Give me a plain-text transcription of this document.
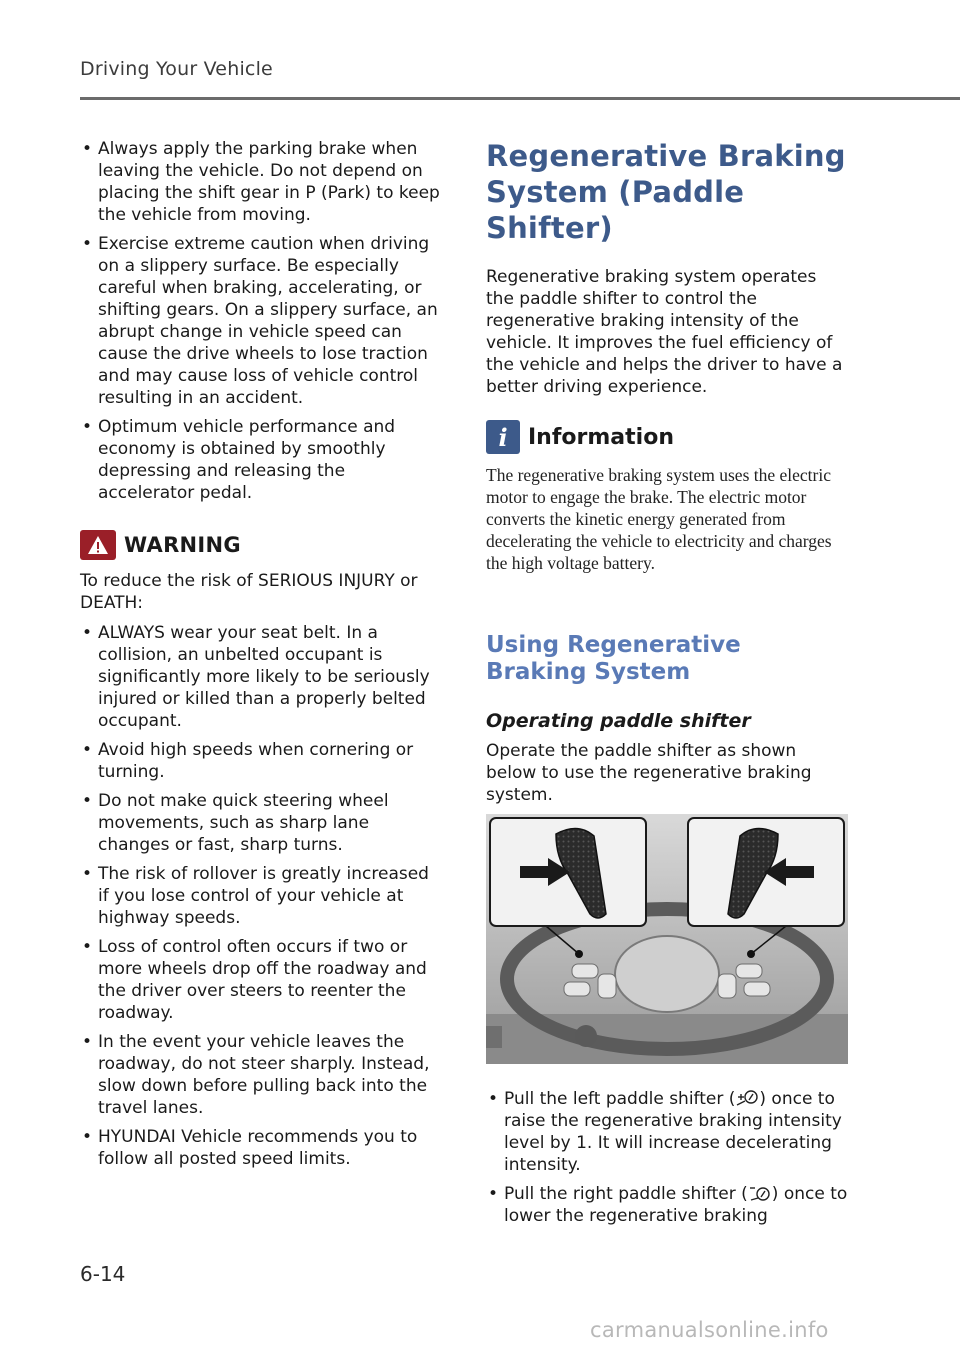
Driving Your Vehicle
• Always apply the parking brake when leaving the vehicle. Do not depend on placing the shift gear in P (Park) to keep the vehicle from moving.
• Exercise extreme caution when driving on a slippery surface. Be especially careful when braking, accelerating, or shifting gears. On a slippery surface, an abrupt change in vehicle speed can cause the drive wheels to lose traction and may cause loss of vehicle control resulting in an accident.
• Optimum vehicle performance and economy is obtained by smoothly depressing and releasing the accelerator pedal.
WARNING

To reduce the risk of SERIOUS INJURY or DEATH:

• ALWAYS wear your seat belt. In a collision, an unbelted occupant is significantly more likely to be seriously injured or killed than a properly belted occupant.
• Avoid high speeds when cornering or turning.
• Do not make quick steering wheel movements, such as sharp lane changes or fast, sharp turns.
• The risk of rollover is greatly increased if you lose control of your vehicle at highway speeds.
• Loss of control often occurs if two or more wheels drop off the roadway and the driver over steers to reenter the roadway.
• In the event your vehicle leaves the roadway, do not steer sharply. Instead, slow down before pulling back into the travel lanes.
• HYUNDAI Vehicle recommends you to follow all posted speed limits.
Regenerative Braking System (Paddle Shifter)

Regenerative braking system operates the paddle shifter to control the regenerative braking intensity of the vehicle. It improves the fuel efficiency of the vehicle and helps the driver to have a better driving experience.

i Information

The regenerative braking system uses the electric motor to engage the brake. The electric motor converts the kinetic energy generated from decelerating the vehicle to electricity and charges the high voltage battery.

Using Regenerative Braking System
Operating paddle shifter

Operate the paddle shifter as shown below to use the regenerative braking system.

• Pull the left paddle shifter ( ) once to raise the regenerative braking intensity level by 1. It will increase decelerating intensity.
• Pull the right paddle shifter ( ) once to lower the regenerative braking
6-14
carmanualsonline.info
